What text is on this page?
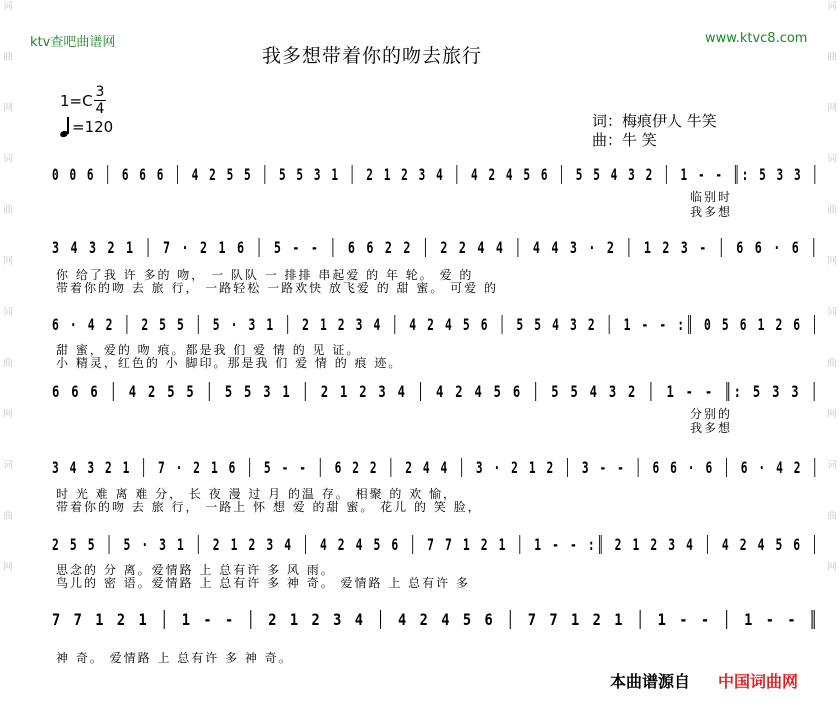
词
曲
网
词
曲
网
词
曲
网
词
曲
网
词
曲
网
词
曲
网
词
曲
网
词
曲
网
ktv查吧曲谱网	www.ktvc8.com
我多想带着你的吻去旅行
1=C 3
4
=120	词：梅痕伊人 牛笑
曲：牛 笑
0 0 6 │ 6 6 6 │ 4 2 5 5 │ 5 5 3 1 │ 2 1 2 3 4 │ 4 2 4 5 6 │ 5 5 4 3 2 │ 1 - - ║: 5 3 3 │
临别时
我多想
3 4 3 2 1 │ 7 · 2 1 6 │ 5 - - │ 6 6 2 2 │ 2 2 4 4 │ 4 4 3 · 2 │ 1 2 3 - │ 6 6 · 6 │
你 给了我 许 多的 吻， 一 队队 一 排排 串起爱 的 年 轮。 爱 的
带着你的吻 去 旅 行， 一路轻松 一路欢快 放飞爱 的 甜 蜜。 可爱 的
6 · 4 2 │ 2 5 5 │ 5 · 3 1 │ 2 1 2 3 4 │ 4 2 4 5 6 │ 5 5 4 3 2 │ 1 - - :║ 0 5 6 1 2 6 │
甜 蜜，爱的 吻 痕。都是我 们 爱 情 的 见 证。
小 精灵，红色的 小 脚印。那是我 们 爱 情 的 痕 迹。
6 6 6 │ 4 2 5 5 │ 5 5 3 1 │ 2 1 2 3 4 │ 4 2 4 5 6 │ 5 5 4 3 2 │ 1 - - ║: 5 3 3 │
分别的
我多想
3 4 3 2 1 │ 7 · 2 1 6 │ 5 - - │ 6 2 2 │ 2 4 4 │ 3 · 2 1 2 │ 3 - - │ 6 6 · 6 │ 6 · 4 2 │
时 光 难 离 难 分， 长 夜 漫 过 月 的温 存。 相聚 的 欢 愉，
带着你的吻 去 旅 行， 一路上 怀 想 爱 的甜 蜜。 花儿 的 笑 脸，
2 5 5 │ 5 · 3 1 │ 2 1 2 3 4 │ 4 2 4 5 6 │ 7 7 1 2 1 │ 1 - - :║ 2 1 2 3 4 │ 4 2 4 5 6 │
思念的 分 离。爱情路 上 总有许 多 风 雨。
鸟儿的 密 语。爱情路 上 总有许 多 神 奇。 爱情路 上 总有许 多
7 7 1 2 1 │ 1 - - │ 2 1 2 3 4 │ 4 2 4 5 6 │ 7 7 1 2 1 │ 1 - - │ 1 - - ║
神 奇。 爱情路 上 总有许 多 神 奇。
本曲谱源自 中国词曲网
